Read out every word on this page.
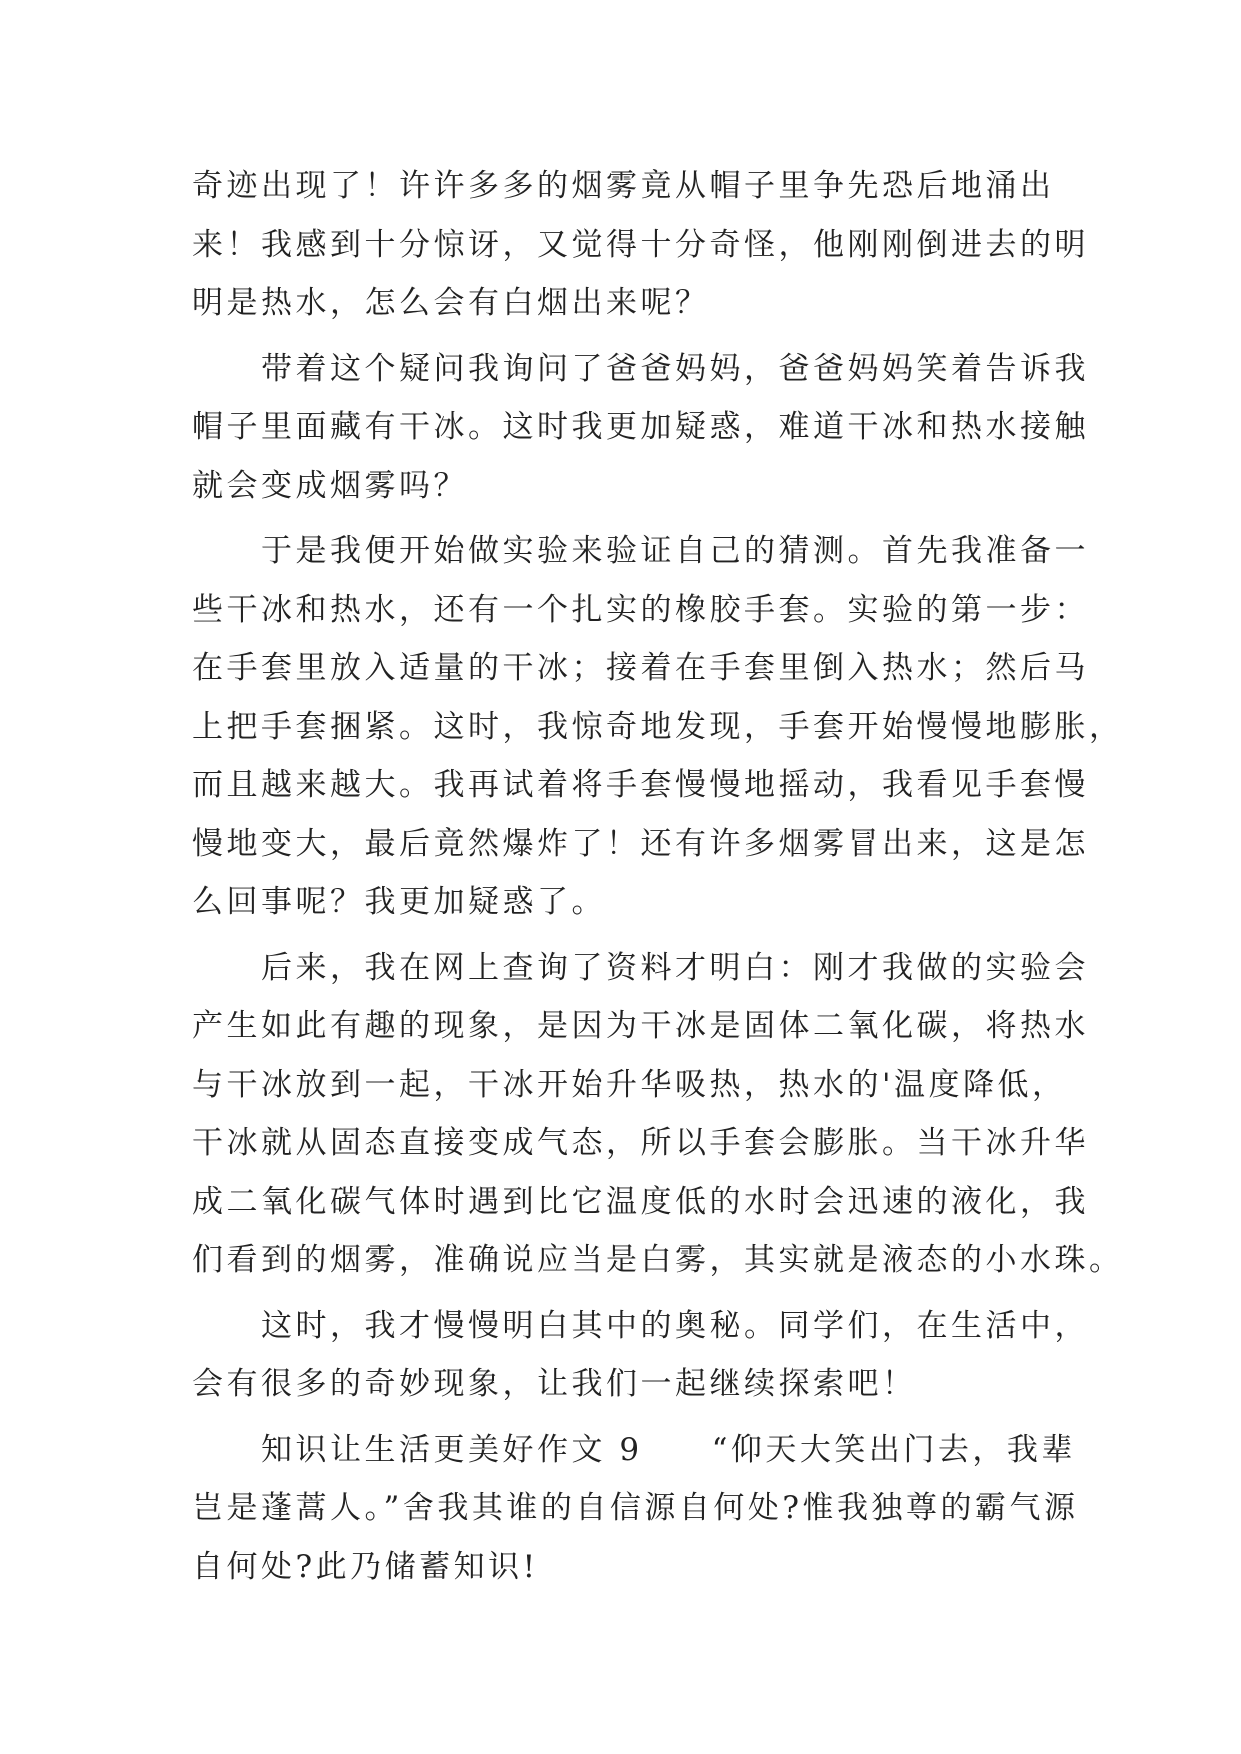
奇迹出现了！许许多多的烟雾竟从帽子里争先恐后地涌出
来！我感到十分惊讶，又觉得十分奇怪，他刚刚倒进去的明
明是热水，怎么会有白烟出来呢？

　　带着这个疑问我询问了爸爸妈妈，爸爸妈妈笑着告诉我
帽子里面藏有干冰。这时我更加疑惑，难道干冰和热水接触
就会变成烟雾吗？

　　于是我便开始做实验来验证自己的猜测。首先我准备一
些干冰和热水，还有一个扎实的橡胶手套。实验的第一步：
在手套里放入适量的干冰；接着在手套里倒入热水；然后马
上把手套捆紧。这时，我惊奇地发现，手套开始慢慢地膨胀，
而且越来越大。我再试着将手套慢慢地摇动，我看见手套慢
慢地变大，最后竟然爆炸了！还有许多烟雾冒出来，这是怎
么回事呢？我更加疑惑了。

　　后来，我在网上查询了资料才明白：刚才我做的实验会
产生如此有趣的现象，是因为干冰是固体二氧化碳，将热水
与干冰放到一起，干冰开始升华吸热，热水的'温度降低，
干冰就从固态直接变成气态，所以手套会膨胀。当干冰升华
成二氧化碳气体时遇到比它温度低的水时会迅速的液化，我
们看到的烟雾，准确说应当是白雾，其实就是液态的小水珠。

　　这时，我才慢慢明白其中的奥秘。同学们，在生活中，
会有很多的奇妙现象，让我们一起继续探索吧！

　　知识让生活更美好作文 9　　“仰天大笑出门去，我辈
岂是蓬蒿人。”舍我其谁的自信源自何处?惟我独尊的霸气源
自何处?此乃储蓄知识!
